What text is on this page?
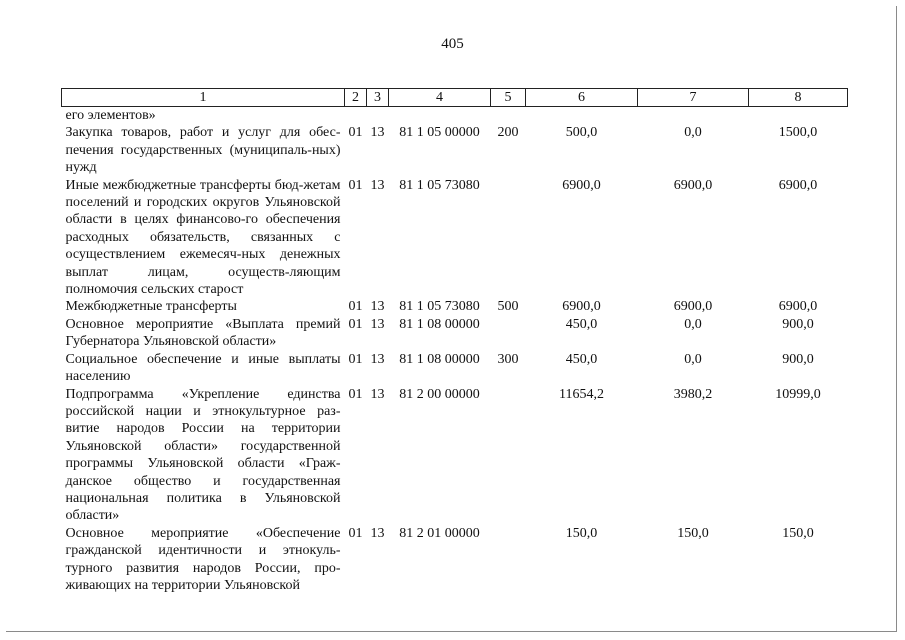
405
1	2	3	4	5	6	7	8
его элементов»							
Закупка товаров, работ и услуг для обес-печения государственных (муниципаль-ных) нужд	01	13	81 1 05 00000	200	500,0	0,0	1500,0
Иные межбюджетные трансферты бюд-жетам поселений и городских округов Ульяновской области в целях финансово-го обеспечения расходных обязательств, связанных с осуществлением ежемесяч-ных денежных выплат лицам, осуществ-ляющим полномочия сельских старост	01	13	81 1 05 73080		6900,0	6900,0	6900,0
Межбюджетные трансферты	01	13	81 1 05 73080	500	6900,0	6900,0	6900,0
Основное мероприятие «Выплата премий Губернатора Ульяновской области»	01	13	81 1 08 00000		450,0	0,0	900,0
Социальное обеспечение и иные выплаты населению	01	13	81 1 08 00000	300	450,0	0,0	900,0
Подпрограмма «Укрепление единства российской нации и этнокультурное раз-витие народов России на территории Ульяновской области» государственной программы Ульяновской области «Граж-данское общество и государственная национальная политика в Ульяновской области»	01	13	81 2 00 00000		11654,2	3980,2	10999,0
Основное мероприятие «Обеспечение гражданской идентичности и этнокуль-турного развития народов России, про-живающих на территории Ульяновской	01	13	81 2 01 00000		150,0	150,0	150,0
